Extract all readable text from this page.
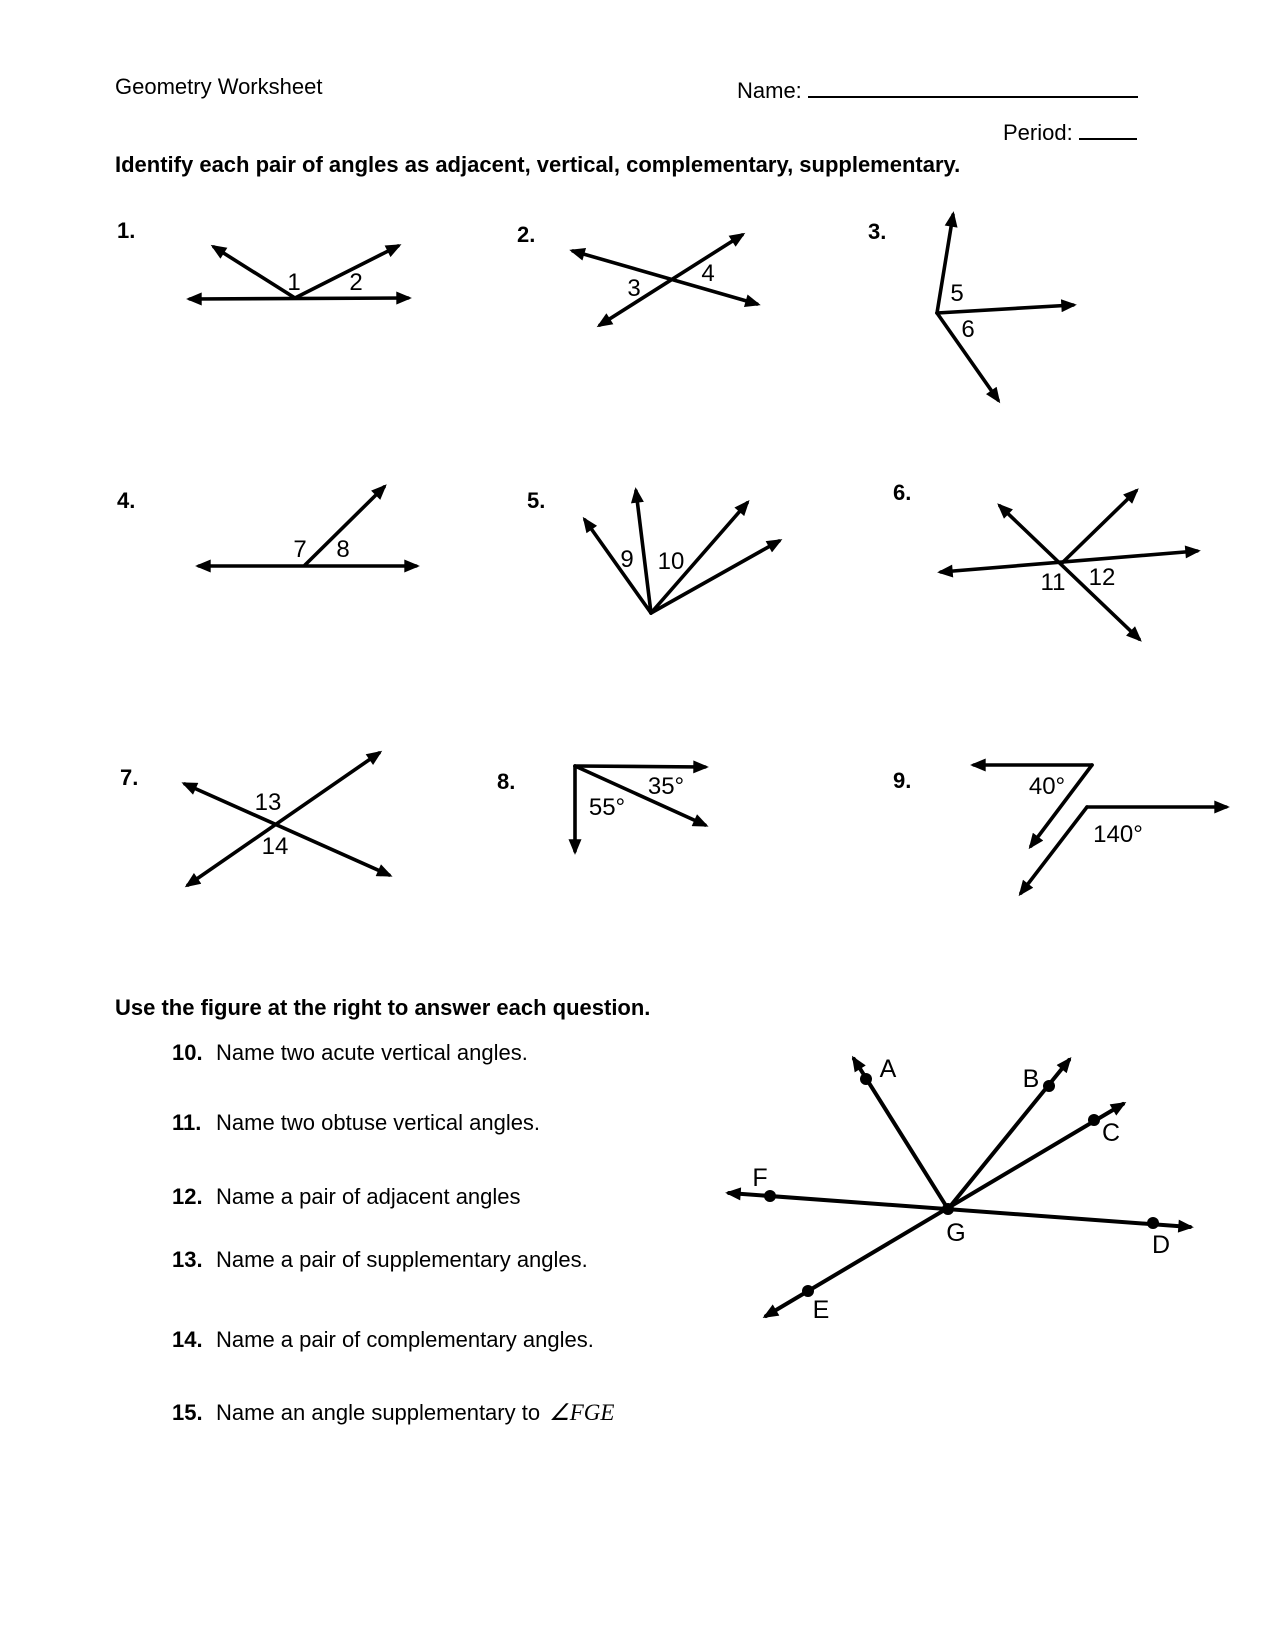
1 2	3
4
5
6
7 8	9 10
11 12
13
14
35°
55°
40°
140°
A	B
C
D
E
F
G
Geometry Worksheet	Name:
Period:
Identify each pair of angles as adjacent, vertical, complementary, supplementary.
1.	2.	3.
4.	5.	6.
7.	8.	9.
Use the figure at the right to answer each question.
10. Name two acute vertical angles.
11. Name two obtuse vertical angles.
12. Name a pair of adjacent angles
13. Name a pair of supplementary angles.
14. Name a pair of complementary angles.
15. Name an angle supplementary to ∠FGE
